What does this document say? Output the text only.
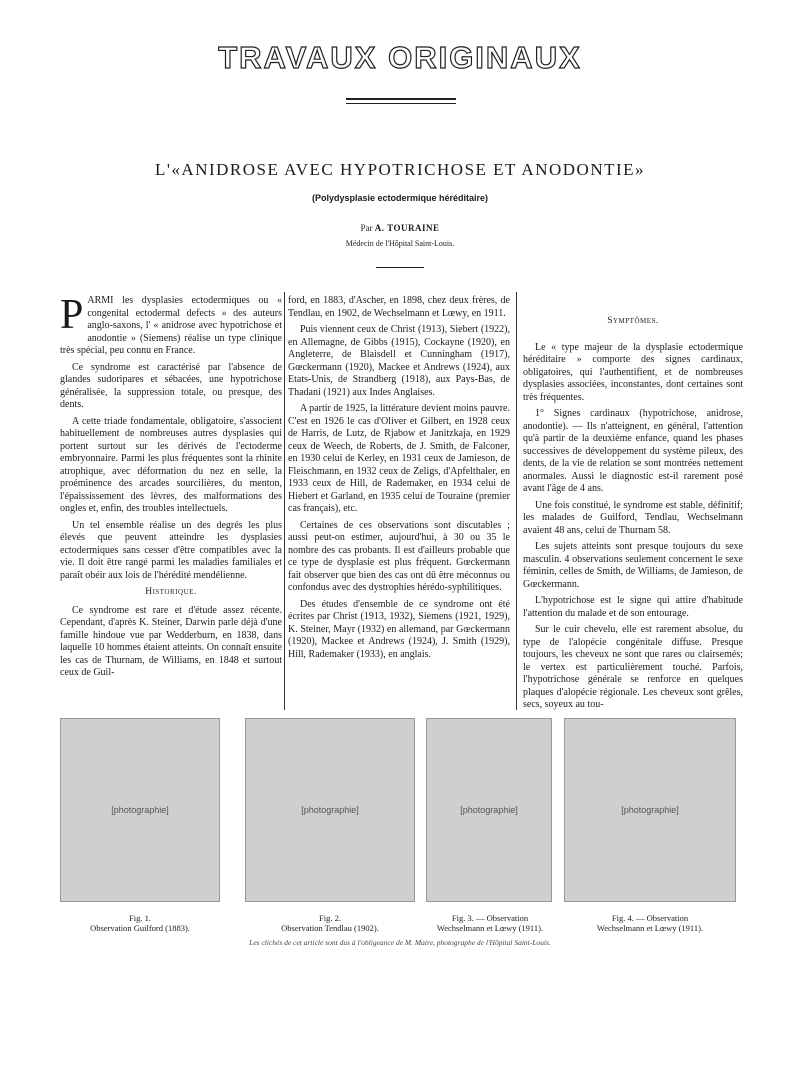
TRAVAUX ORIGINAUX
L'«ANIDROSE AVEC HYPOTRICHOSE ET ANODONTIE»
(Polydysplasie ectodermique héréditaire)
Par A. TOURAINE
Médecin de l'Hôpital Saint-Louis.

PARMI les dysplasies ectodermiques ou « congenital ectodermal defects » des auteurs anglo-saxons, l' « anidrose avec hypotrichose et anodontie » (Siemens) réalise un type clinique très spécial, peu connu en France.

Ce syndrome est caractérisé par l'absence de glandes sudoripares et sébacées, une hypotrichose généralisée, la suppression totale, ou presque, des dents.

A cette triade fondamentale, obligatoire, s'associent habituellement de nombreuses autres dysplasies qui portent surtout sur les dérivés de l'ectoderme embryonnaire. Parmi les plus fréquentes sont la rhinite atrophique, avec déformation du nez en selle, la proéminence des arcades sourcilières, du menton, l'épaississement des lèvres, des malformations des ongles et, enfin, des troubles intellectuels.

Un tel ensemble réalise un des degrés les plus élevés que peuvent atteindre les dysplasies ectodermiques sans cesser d'être compatibles avec la vie. Il doit être rangé parmi les maladies familiales et paraît obéir aux lois de l'hérédité mendélienne.

Historique.

Ce syndrome est rare et d'étude assez récente. Cependant, d'après K. Steiner, Darwin parle déjà d'une famille hindoue vue par Wedderburn, en 1838, dans laquelle 10 hommes étaient atteints. On connaît ensuite les cas de Thurnam, de Williams, en 1848 et surtout ceux de Guil-

ford, en 1883, d'Ascher, en 1898, chez deux frères, de Tendlau, en 1902, de Wechselmann et Lœwy, en 1911.

Puis viennent ceux de Christ (1913), Siebert (1922), en Allemagne, de Gibbs (1915), Cockayne (1920), en Angleterre, de Blaisdell et Cunningham (1917), Gœckermann (1920), Mackee et Andrews (1924), aux Etats-Unis, de Strandberg (1918), aux Pays-Bas, de Thadani (1921) aux Indes Anglaises.

A partir de 1925, la littérature devient moins pauvre. C'est en 1926 le cas d'Oliver et Gilbert, en 1928 ceux de Harris, de Lutz, de Rjabow et Janitzkaja, en 1929 ceux de Weech, de Roberts, de J. Smith, de Falconer, en 1930 celui de Kerley, en 1931 ceux de Jamieson, de Fleischmann, en 1932 ceux de Zeligs, d'Apfelthaler, en 1933 ceux de Hill, de Rademaker, en 1934 celui de Hiebert et Garland, en 1935 celui de Touraine (premier cas français), etc.

Certaines de ces observations sont discutables ; aussi peut-on estimer, aujourd'hui, à 30 ou 35 le nombre des cas probants. Il est d'ailleurs probable que ce type de dysplasie est plus fréquent. Gœckermann fait observer que bien des cas ont dû être méconnus ou confondus avec des dystrophies hérédo-syphilitiques.

Des études d'ensemble de ce syndrome ont été écrites par Christ (1913, 1932), Siemens (1921, 1929), K. Steiner, Mayr (1932) en allemand, par Gœckermann (1920), Mackee et Andrews (1924), J. Smith (1929), Hill, Rademaker (1933), en anglais.

Symptômes.

Le « type majeur de la dysplasie ectodermique héréditaire » comporte des signes cardinaux, obligatoires, qui l'authentifient, et de nombreuses dysplasies associées, inconstantes, dont certaines sont très fréquentes.

1° Signes cardinaux (hypotrichose, anidrose, anodontie). — Ils n'atteignent, en général, l'attention qu'à partir de la deuxième enfance, quand les phases successives de développement du système pileux, des dents, de la vie de relation se sont montrées nettement anormales. Aussi le diagnostic est-il rarement posé avant l'âge de 4 ans.

Une fois constitué, le syndrome est stable, définitif; les malades de Guilford, Tendlau, Wechselmann avaient 48 ans, celui de Thurnam 58.

Les sujets atteints sont presque toujours du sexe masculin. 4 observations seulement concernent le sexe féminin, celles de Smith, de Williams, de Jamieson, de Gœckermann.

L'hypotrichose est le signe qui attire d'habitude l'attention du malade et de son entourage.

Sur le cuir chevelu, elle est rarement absolue, du type de l'alopécie congénitale diffuse. Presque toujours, les cheveux ne sont que rares ou clairsemés; le vertex est particulièrement touché. Parfois, l'hypotrichose générale se renforce en quelques plaques d'alopécie régionale. Les cheveux sont grêles, secs, soyeux au tou-

[photographie]	[photographie]	[photographie]	[photographie]
Fig. 1.
Observation Guilford (1883).
Fig. 2.
Observation Tendlau (1902).
Fig. 3. — Observation
Wechselmann et Lœwy (1911).
Fig. 4. — Observation
Wechselmann et Lœwy (1911).
Les clichés de cet article sont dus à l'obligeance de M. Maire, photographe de l'Hôpital Saint-Louis.
